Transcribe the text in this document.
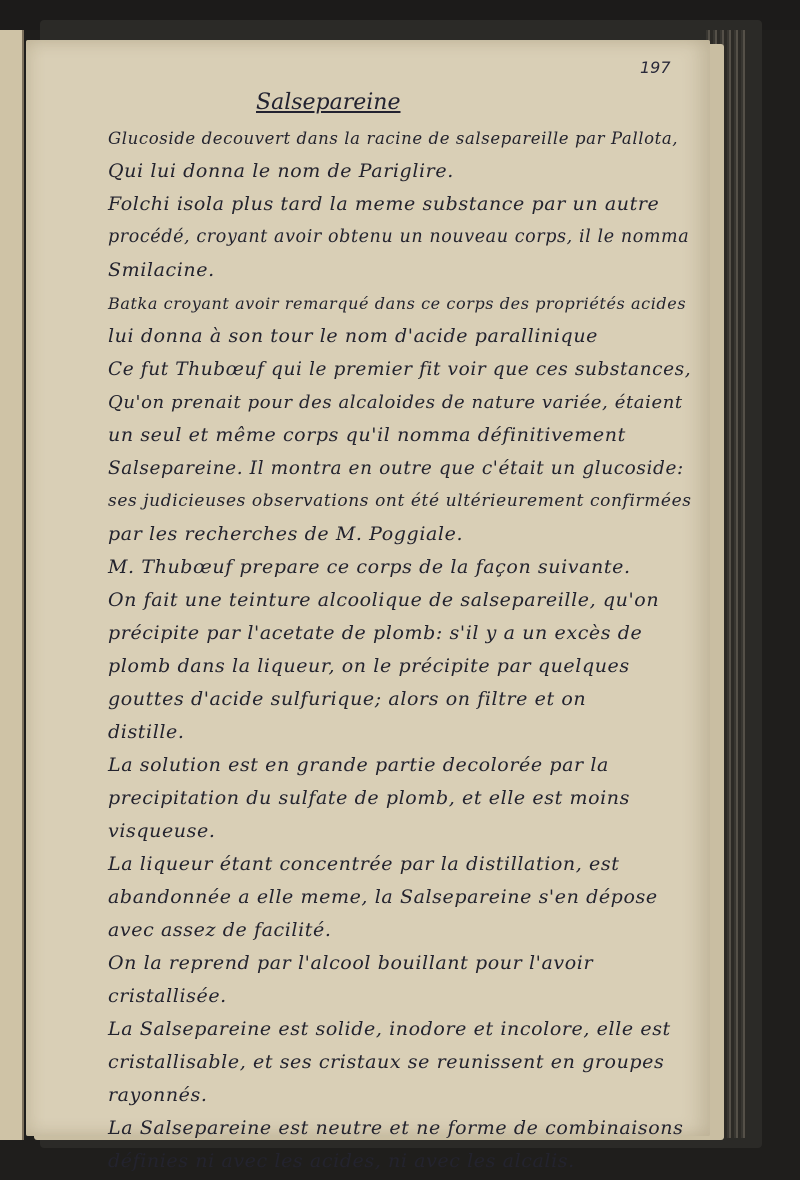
197
Salsepareine
Glucoside decouvert dans la racine de salsepareille par Pallota,
Qui lui donna le nom de Pariglire.
Folchi isola plus tard la meme substance par un autre
procédé, croyant avoir obtenu un nouveau corps, il le nomma
Smilacine.
Batka croyant avoir remarqué dans ce corps des propriétés acides
lui donna à son tour le nom d'acide parallinique
Ce fut Thubœuf qui le premier fit voir que ces substances,
Qu'on prenait pour des alcaloides de nature variée, étaient
un seul et même corps qu'il nomma définitivement
Salsepareine. Il montra en outre que c'était un glucoside:
ses judicieuses observations ont été ultérieurement confirmées
par les recherches de M. Poggiale.
M. Thubœuf prepare ce corps de la façon suivante.
On fait une teinture alcoolique de salsepareille, qu'on
précipite par l'acetate de plomb: s'il y a un excès de
plomb dans la liqueur, on le précipite par quelques
gouttes d'acide sulfurique; alors on filtre et on
distille.
La solution est en grande partie decolorée par la
precipitation du sulfate de plomb, et elle est moins
visqueuse.
La liqueur étant concentrée par la distillation, est
abandonnée a elle meme, la Salsepareine s'en dépose
avec assez de facilité.
On la reprend par l'alcool bouillant pour l'avoir
cristallisée.
La Salsepareine est solide, inodore et incolore, elle est
cristallisable, et ses cristaux se reunissent en groupes
rayonnés.
La Salsepareine est neutre et ne forme de combinaisons
définies ni avec les acides, ni avec les alcalis.
